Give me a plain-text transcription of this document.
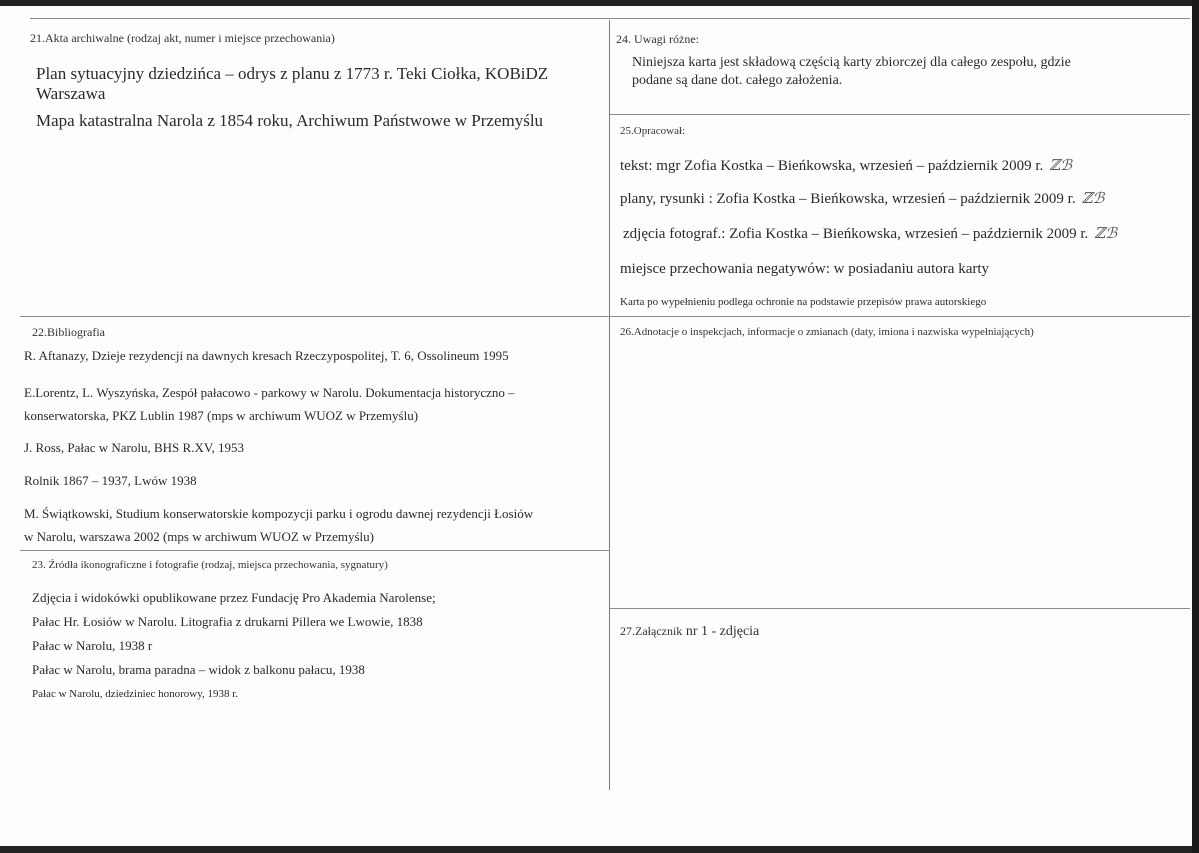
21.Akta archiwalne (rodzaj akt, numer i miejsce przechowania)
Plan sytuacyjny dziedzińca – odrys z planu z 1773 r. Teki Ciołka, KOBiDZ
Warszawa
Mapa katastralna Narola z 1854 roku, Archiwum Państwowe w Przemyślu
22.Bibliografia
R. Aftanazy, Dzieje rezydencji na dawnych kresach Rzeczypospolitej, T. 6, Ossolineum 1995
E.Lorentz, L. Wyszyńska, Zespół pałacowo - parkowy w Narolu. Dokumentacja historyczno –
konserwatorska, PKZ Lublin 1987 (mps w archiwum WUOZ w Przemyślu)
J. Ross, Pałac w Narolu, BHS R.XV, 1953
Rolnik 1867 – 1937, Lwów 1938
M. Świątkowski, Studium konserwatorskie kompozycji parku i ogrodu dawnej rezydencji Łosiów
w Narolu, warszawa 2002 (mps w archiwum WUOZ w Przemyślu)
23. Źródła ikonograficzne i fotografie (rodzaj, miejsca przechowania, sygnatury)
Zdjęcia i widokówki opublikowane przez Fundację Pro Akademia Narolense;
Pałac Hr. Łosiów w Narolu. Litografia z drukarni Pillera we Lwowie, 1838
Pałac w Narolu, 1938 r
Pałac w Narolu, brama paradna – widok z balkonu pałacu, 1938
Pałac w Narolu, dziedziniec honorowy, 1938 r.
24. Uwagi różne:
Niniejsza karta jest składową częścią karty zbiorczej dla całego zespołu, gdzie
podane są dane dot. całego założenia.
25.Opracował:
tekst: mgr Zofia Kostka – Bieńkowska, wrzesień – październik 2009 r. ℤℬ
plany, rysunki : Zofia Kostka – Bieńkowska, wrzesień – październik 2009 r. ℤℬ
zdjęcia fotograf.: Zofia Kostka – Bieńkowska, wrzesień – październik 2009 r. ℤℬ
miejsce przechowania negatywów: w posiadaniu autora karty
Karta po wypełnieniu podlega ochronie na podstawie przepisów prawa autorskiego
26.Adnotacje o inspekcjach, informacje o zmianach (daty, imiona i nazwiska wypełniających)
27.Załącznik nr 1 - zdjęcia
